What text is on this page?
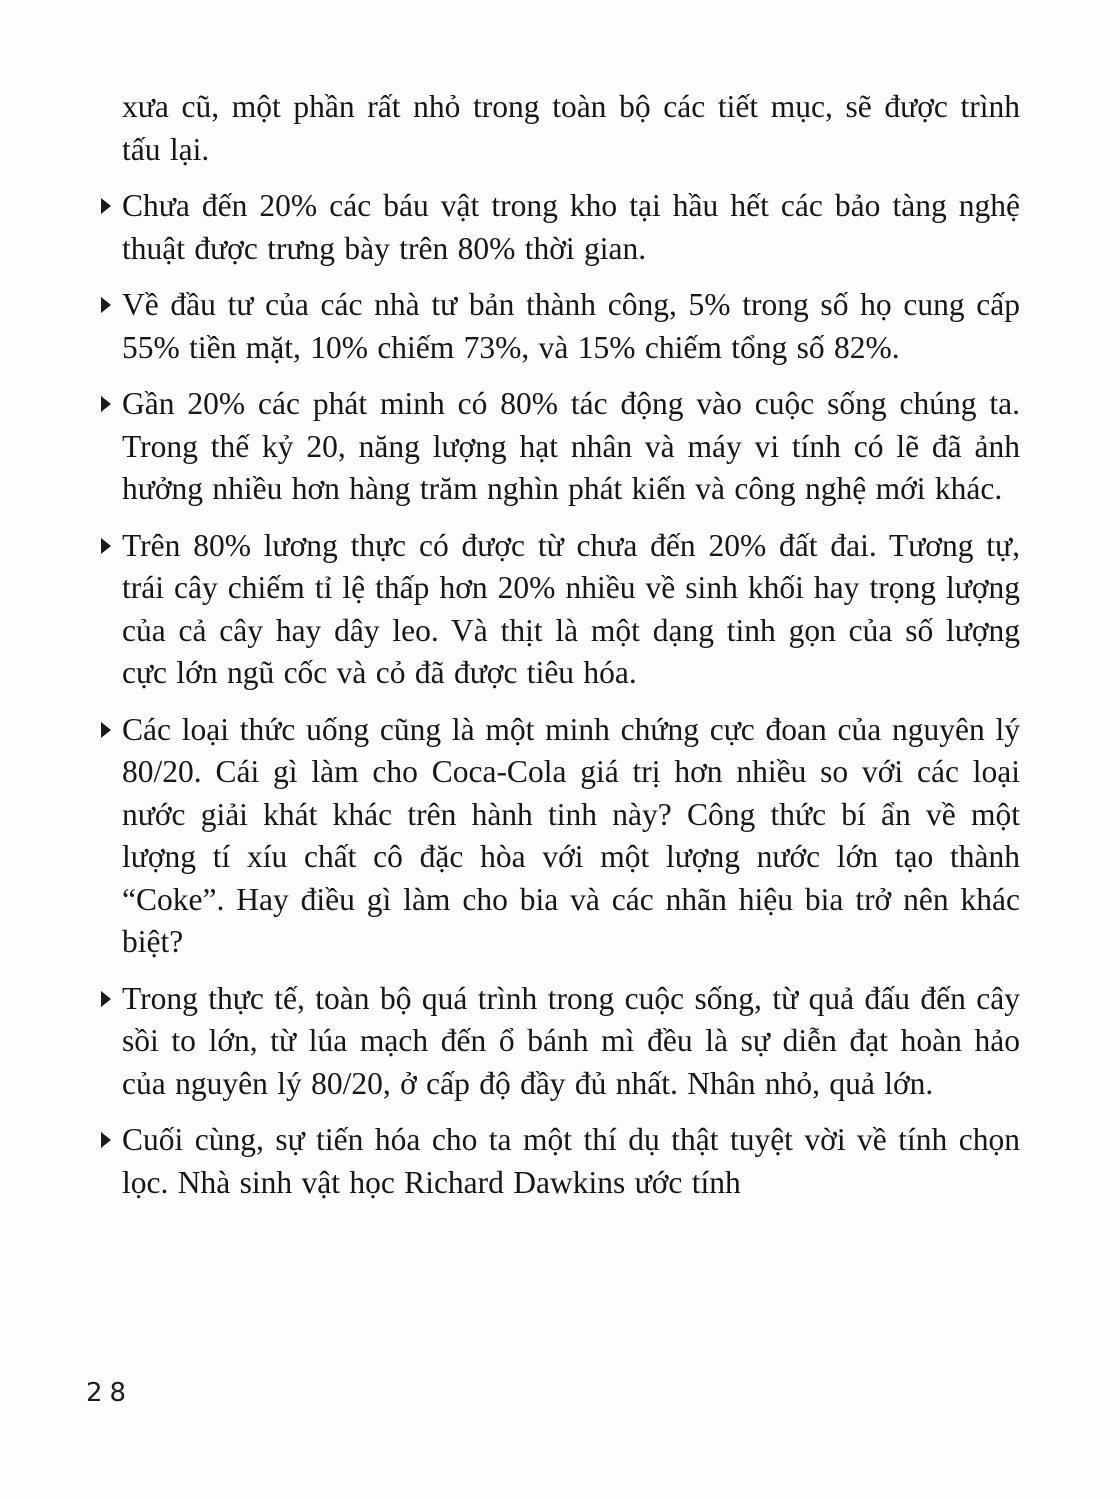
xưa cũ, một phần rất nhỏ trong toàn bộ các tiết mục, sẽ được trình tấu lại.

Chưa đến 20% các báu vật trong kho tại hầu hết các bảo tàng nghệ thuật được trưng bày trên 80% thời gian.
Về đầu tư của các nhà tư bản thành công, 5% trong số họ cung cấp 55% tiền mặt, 10% chiếm 73%, và 15% chiếm tổng số 82%.
Gần 20% các phát minh có 80% tác động vào cuộc sống chúng ta. Trong thế kỷ 20, năng lượng hạt nhân và máy vi tính có lẽ đã ảnh hưởng nhiều hơn hàng trăm nghìn phát kiến và công nghệ mới khác.
Trên 80% lương thực có được từ chưa đến 20% đất đai. Tương tự, trái cây chiếm tỉ lệ thấp hơn 20% nhiều về sinh khối hay trọng lượng của cả cây hay dây leo. Và thịt là một dạng tinh gọn của số lượng cực lớn ngũ cốc và cỏ đã được tiêu hóa.
Các loại thức uống cũng là một minh chứng cực đoan của nguyên lý 80/20. Cái gì làm cho Coca-Cola giá trị hơn nhiều so với các loại nước giải khát khác trên hành tinh này? Công thức bí ẩn về một lượng tí xíu chất cô đặc hòa với một lượng nước lớn tạo thành “Coke”. Hay điều gì làm cho bia và các nhãn hiệu bia trở nên khác biệt?
Trong thực tế, toàn bộ quá trình trong cuộc sống, từ quả đấu đến cây sồi to lớn, từ lúa mạch đến ổ bánh mì đều là sự diễn đạt hoàn hảo của nguyên lý 80/20, ở cấp độ đầy đủ nhất. Nhân nhỏ, quả lớn.
Cuối cùng, sự tiến hóa cho ta một thí dụ thật tuyệt vời về tính chọn lọc. Nhà sinh vật học Richard Dawkins ước tính
28
